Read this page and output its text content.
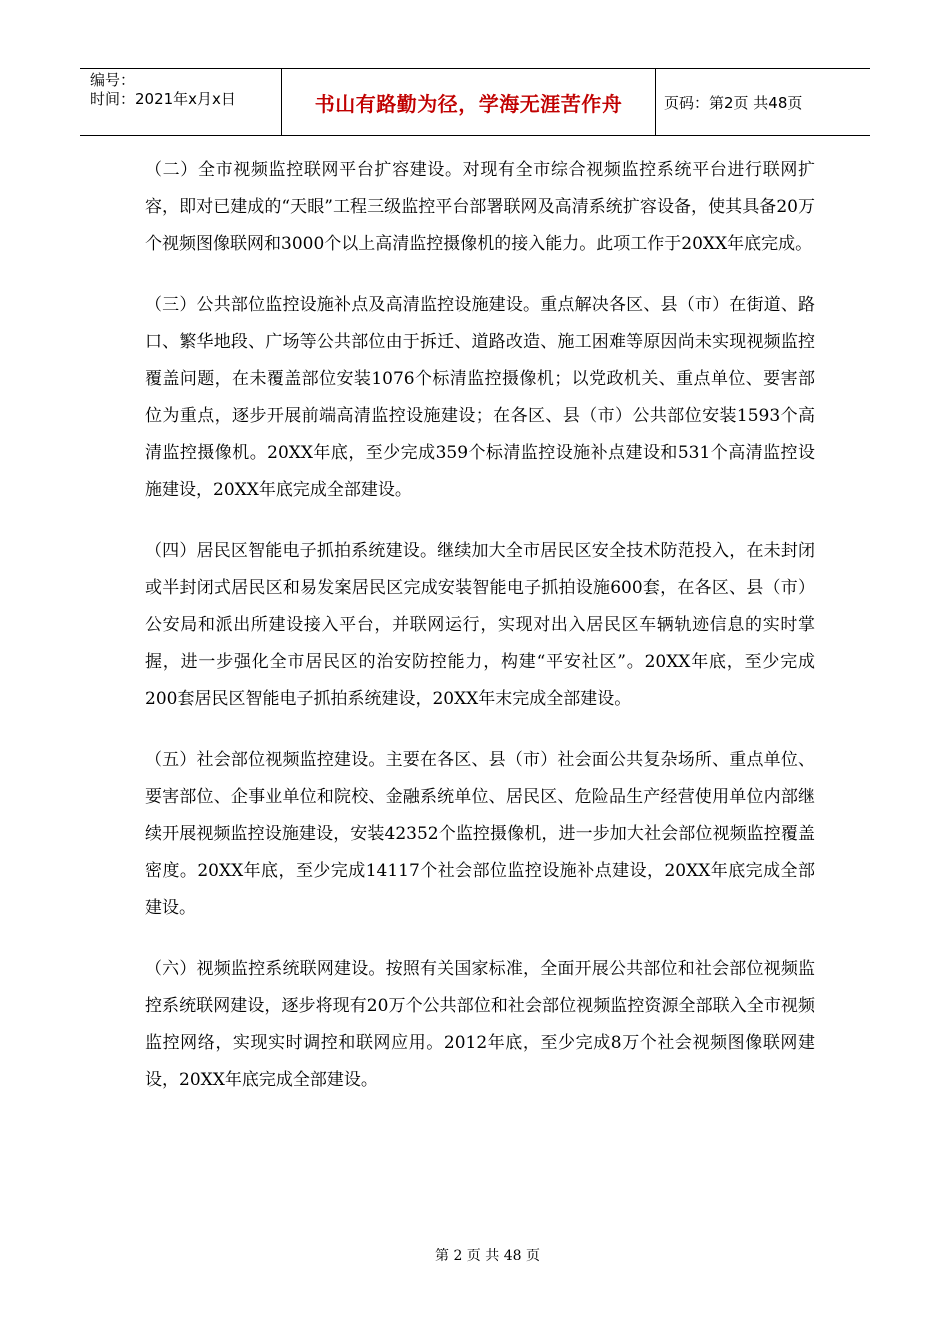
编号：
时间：2021年x月x日	书山有路勤为径，学海无涯苦作舟	页码：第2页 共48页

（二）全市视频监控联网平台扩容建设。对现有全市综合视频监控系统平台进行联网扩容，即对已建成的“天眼”工程三级监控平台部署联网及高清系统扩容设备，使其具备20万个视频图像联网和3000个以上高清监控摄像机的接入能力。此项工作于20XX年底完成。

（三）公共部位监控设施补点及高清监控设施建设。重点解决各区、县（市）在街道、路口、繁华地段、广场等公共部位由于拆迁、道路改造、施工困难等原因尚未实现视频监控覆盖问题，在未覆盖部位安装1076个标清监控摄像机；以党政机关、重点单位、要害部位为重点，逐步开展前端高清监控设施建设；在各区、县（市）公共部位安装1593个高清监控摄像机。20XX年底，至少完成359个标清监控设施补点建设和531个高清监控设施建设，20XX年底完成全部建设。

（四）居民区智能电子抓拍系统建设。继续加大全市居民区安全技术防范投入，在未封闭或半封闭式居民区和易发案居民区完成安装智能电子抓拍设施600套，在各区、县（市）公安局和派出所建设接入平台，并联网运行，实现对出入居民区车辆轨迹信息的实时掌握，进一步强化全市居民区的治安防控能力，构建“平安社区”。20XX年底，至少完成200套居民区智能电子抓拍系统建设，20XX年末完成全部建设。

（五）社会部位视频监控建设。主要在各区、县（市）社会面公共复杂场所、重点单位、要害部位、企事业单位和院校、金融系统单位、居民区、危险品生产经营使用单位内部继续开展视频监控设施建设，安装42352个监控摄像机，进一步加大社会部位视频监控覆盖密度。20XX年底，至少完成14117个社会部位监控设施补点建设，20XX年底完成全部建设。

（六）视频监控系统联网建设。按照有关国家标准，全面开展公共部位和社会部位视频监控系统联网建设，逐步将现有20万个公共部位和社会部位视频监控资源全部联入全市视频监控网络，实现实时调控和联网应用。2012年底，至少完成8万个社会视频图像联网建设，20XX年底完成全部建设。

第 2 页 共 48 页
